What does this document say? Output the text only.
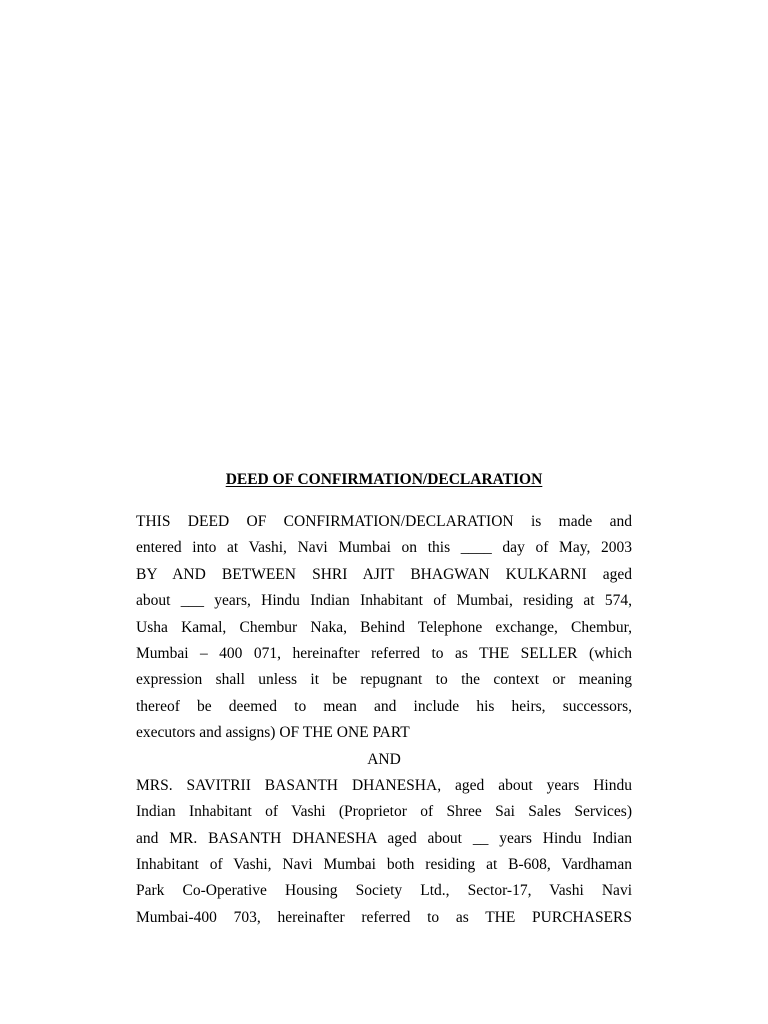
DEED OF CONFIRMATION/DECLARATION
THIS DEED OF CONFIRMATION/DECLARATION is made and
entered into at Vashi, Navi Mumbai on this ____ day of May, 2003
BY AND BETWEEN SHRI AJIT BHAGWAN KULKARNI aged
about ___ years, Hindu Indian Inhabitant of Mumbai, residing at 574,
Usha Kamal, Chembur Naka, Behind Telephone exchange, Chembur,
Mumbai – 400 071, hereinafter referred to as THE SELLER (which
expression shall unless it be repugnant to the context or meaning
thereof be deemed to mean and include his heirs, successors,
executors and assigns) OF THE ONE PART
AND
MRS. SAVITRII BASANTH DHANESHA, aged about years Hindu
Indian Inhabitant of Vashi (Proprietor of Shree Sai Sales Services)
and MR. BASANTH DHANESHA aged about __ years Hindu Indian
Inhabitant of Vashi, Navi Mumbai both residing at B-608, Vardhaman
Park Co-Operative Housing Society Ltd., Sector-17, Vashi Navi
Mumbai-400 703, hereinafter referred to as THE PURCHASERS
